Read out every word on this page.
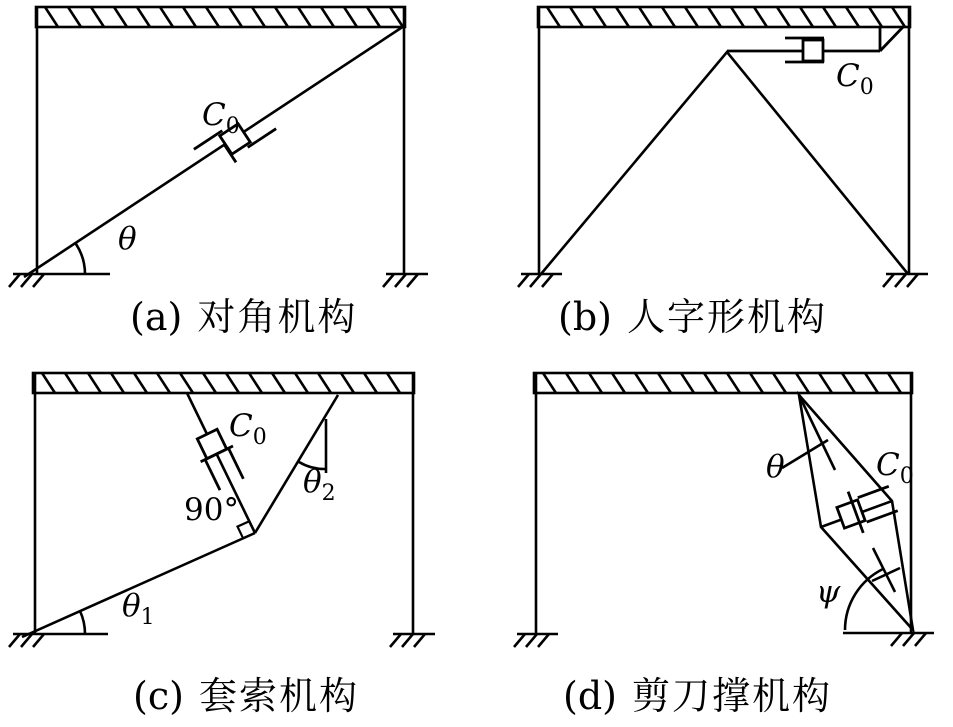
C0
θ
C0
C0
90°
θ1
θ2
θ	C0
ψ
(a) 对角机构	(b) 人字形机构
(c) 套索机构	(d) 剪刀撑机构
